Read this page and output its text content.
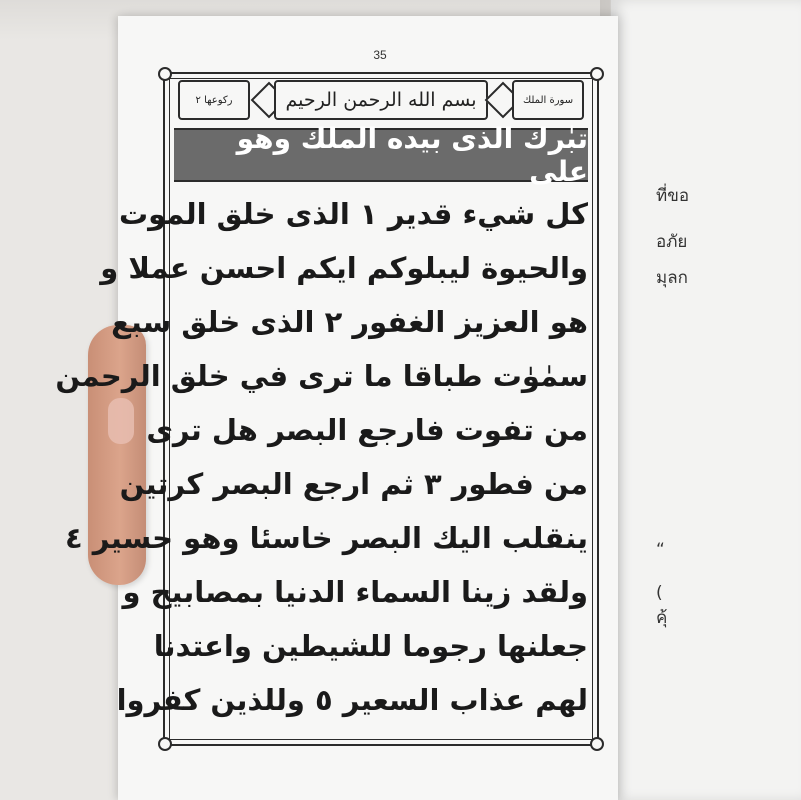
ที่ขอ
อภัย
มุลก
“
(
คุ้
35
ركوعها ٢	بسم الله الرحمن الرحيم	سورة الملك
تبٰرك الذى بيده الملك وهو على
كل شيء قدير ١ الذى خلق الموت
والحيوة ليبلوكم ايكم احسن عملا و
هو العزيز الغفور ٢ الذى خلق سبع
سمٰوٰت طباقا ما ترى في خلق الرحمن
من تفوت فارجع البصر هل ترى
من فطور ٣ ثم ارجع البصر كرتين
ينقلب اليك البصر خاسئا وهو حسير ٤
ولقد زينا السماء الدنيا بمصابيح و
جعلنها رجوما للشيطين واعتدنا
لهم عذاب السعير ٥ وللذين كفروا
